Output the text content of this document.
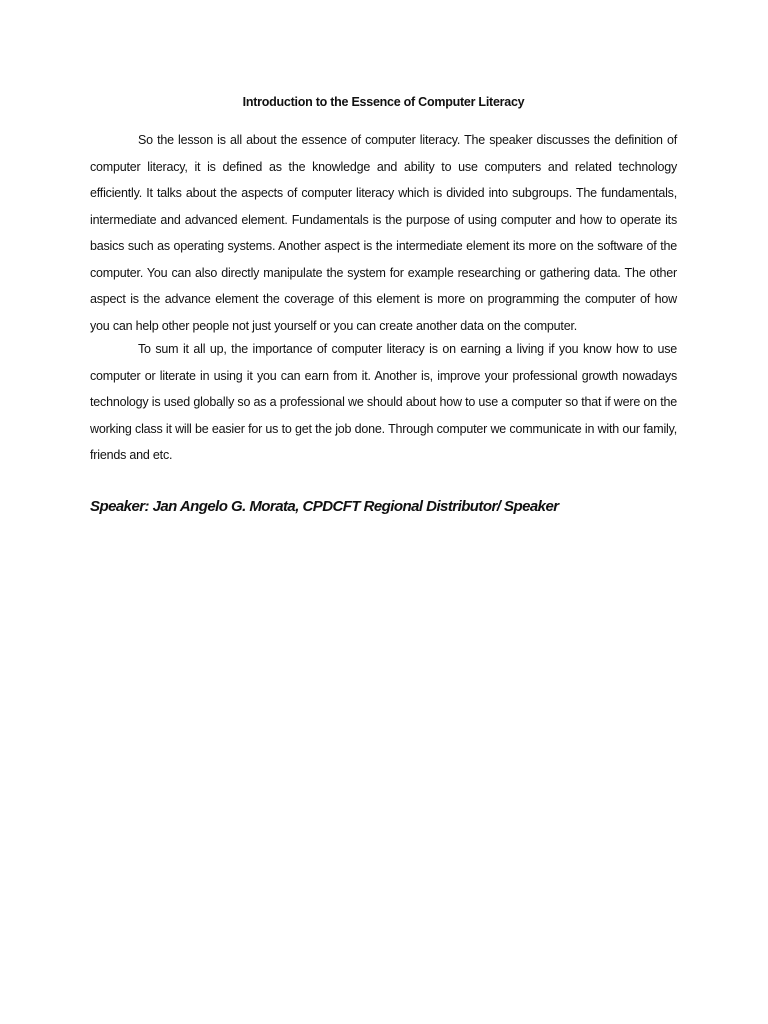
Introduction to the Essence of Computer Literacy

So the lesson is all about the essence of computer literacy. The speaker discusses the definition of computer literacy, it is defined as the knowledge and ability to use computers and related technology efficiently. It talks about the aspects of computer literacy which is divided into subgroups. The fundamentals, intermediate and advanced element. Fundamentals is the purpose of using computer and how to operate its basics such as operating systems. Another aspect is the intermediate element its more on the software of the computer. You can also directly manipulate the system for example researching or gathering data. The other aspect is the advance element the coverage of this element is more on programming the computer of how you can help other people not just yourself or you can create another data on the computer.

To sum it all up, the importance of computer literacy is on earning a living if you know how to use computer or literate in using it you can earn from it. Another is, improve your professional growth nowadays technology is used globally so as a professional we should about how to use a computer so that if were on the working class it will be easier for us to get the job done. Through computer we communicate in with our family, friends and etc.

Speaker: Jan Angelo G. Morata, CPDCFT Regional Distributor/ Speaker
